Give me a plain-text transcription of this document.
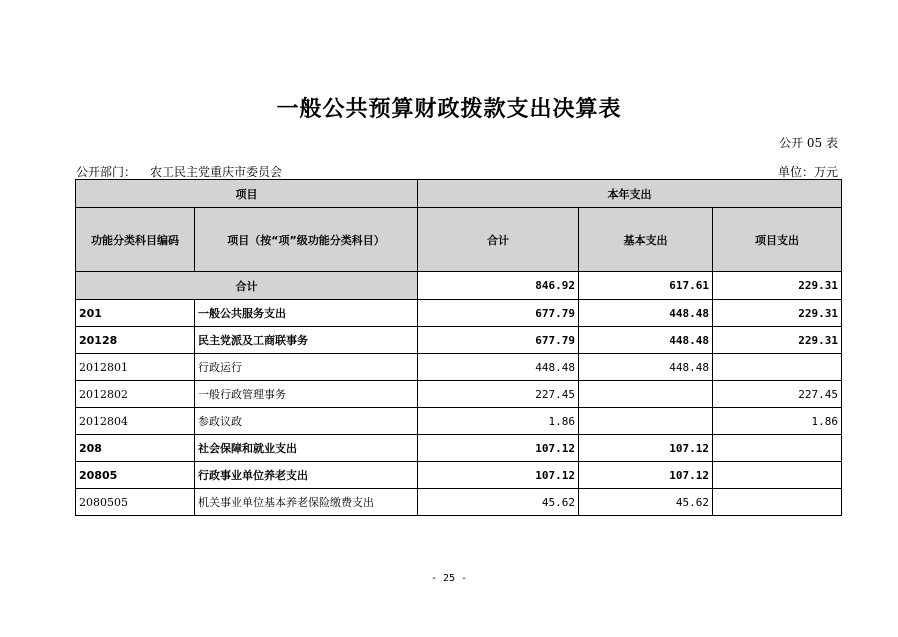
一般公共预算财政拨款支出决算表
公开 05 表
公开部门： 农工民主党重庆市委员会	单位：万元
项目		本年支出		
功能分类科目编码	项目（按“项”级功能分类科目）	合计	基本支出	项目支出
合计		846.92	617.61	229.31
201	一般公共服务支出	677.79	448.48	229.31
20128	民主党派及工商联事务	677.79	448.48	229.31
2012801	行政运行	448.48	448.48	
2012802	一般行政管理事务	227.45		227.45
2012804	参政议政	1.86		1.86
208	社会保障和就业支出	107.12	107.12	
20805	行政事业单位养老支出	107.12	107.12	
2080505	机关事业单位基本养老保险缴费支出	45.62	45.62	
- 25 -
